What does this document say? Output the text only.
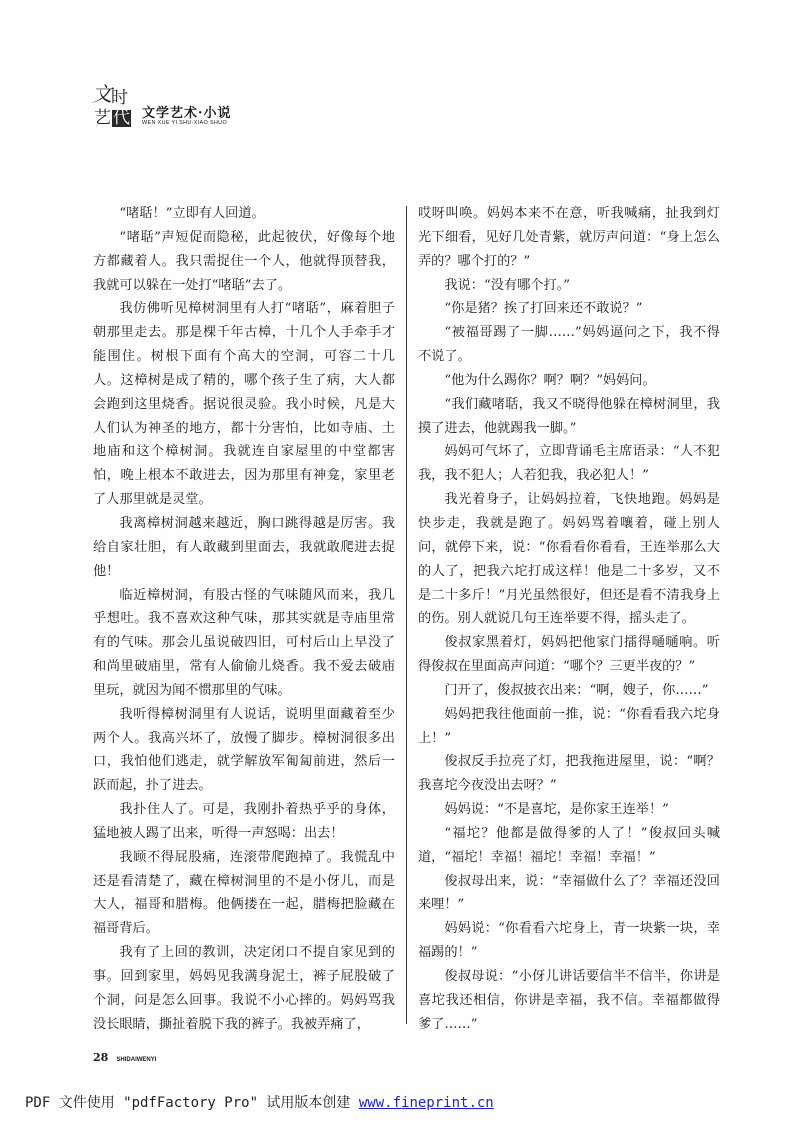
文 时
艺 代 文学艺术·小说
WEN XUE YI SHU·XIAO SHUO

“啫聒！”立即有人回道。

“啫聒”声短促而隐秘，此起彼伏，好像每个地方都藏着人。我只需捉住一个人，他就得顶替我，我就可以躲在一处打“啫聒”去了。

我仿佛听见樟树洞里有人打“啫聒”，麻着胆子朝那里走去。那是棵千年古樟，十几个人手牵手才能围住。树根下面有个高大的空洞，可容二十几人。这樟树是成了精的，哪个孩子生了病，大人都会跑到这里烧香。据说很灵验。我小时候，凡是大人们认为神圣的地方，都十分害怕，比如寺庙、土地庙和这个樟树洞。我就连自家屋里的中堂都害怕，晚上根本不敢进去，因为那里有神龛，家里老了人那里就是灵堂。

我离樟树洞越来越近，胸口跳得越是厉害。我给自家壮胆，有人敢藏到里面去，我就敢爬进去捉他！

临近樟树洞，有股古怪的气味随风而来，我几乎想吐。我不喜欢这种气味，那其实就是寺庙里常有的气味。那会儿虽说破四旧，可村后山上早没了和尚里破庙里，常有人偷偷儿烧香。我不爱去破庙里玩，就因为闻不惯那里的气味。

我听得樟树洞里有人说话，说明里面藏着至少两个人。我高兴坏了，放慢了脚步。樟树洞很多出口，我怕他们逃走，就学解放军匍匐前进，然后一跃而起，扑了进去。

我扑住人了。可是，我刚扑着热乎乎的身体，猛地被人踢了出来，听得一声怒喝：出去！

我顾不得屁股痛，连滚带爬跑掉了。我慌乱中还是看清楚了，藏在樟树洞里的不是小伢儿，而是大人，福哥和腊梅。他俩搂在一起，腊梅把脸藏在福哥背后。

我有了上回的教训，决定闭口不提自家见到的事。回到家里，妈妈见我满身泥土，裤子屁股破了个洞，问是怎么回事。我说不小心摔的。妈妈骂我没长眼睛，撕扯着脱下我的裤子。我被弄痛了，

哎呀叫唤。妈妈本来不在意，听我喊痛，扯我到灯光下细看，见好几处青紫，就厉声问道：“身上怎么弄的？哪个打的？”

我说：“没有哪个打。”

“你是猪？挨了打回来还不敢说？”

“被福哥踢了一脚……”妈妈逼问之下，我不得不说了。

“他为什么踢你？啊？啊？”妈妈问。

“我们藏啫聒，我又不晓得他躲在樟树洞里，我摸了进去，他就踢我一脚。”

妈妈可气坏了，立即背诵毛主席语录：“人不犯我，我不犯人；人若犯我，我必犯人！”

我光着身子，让妈妈拉着，飞快地跑。妈妈是快步走，我就是跑了。妈妈骂着嚷着，碰上别人问，就停下来，说：“你看看你看看，王连举那么大的人了，把我六坨打成这样！他是二十多岁，又不是二十多斤！”月光虽然很好，但还是看不清我身上的伤。别人就说几句王连举要不得，摇头走了。

俊叔家黑着灯，妈妈把他家门擂得嗵嗵响。听得俊叔在里面高声问道：“哪个？三更半夜的？”

门开了，俊叔披衣出来：“啊，嫂子，你……”

妈妈把我往他面前一推，说：“你看看我六坨身上！”

俊叔反手拉亮了灯，把我拖进屋里，说：“啊？我喜坨今夜没出去呀？”

妈妈说：“不是喜坨，是你家王连举！”

“福坨？他都是做得爹的人了！”俊叔回头喊道，“福坨！幸福！福坨！幸福！幸福！”

俊叔母出来，说：“幸福做什么了？幸福还没回来哩！”

妈妈说：“你看看六坨身上，青一块紫一块，幸福踢的！”

俊叔母说：“小伢儿讲话要信半不信半，你讲是喜坨我还相信，你讲是幸福，我不信。幸福都做得爹了……”

28 SHIDAIWENYI
PDF 文件使用 "pdfFactory Pro" 试用版本创建 www.fineprint.cn
